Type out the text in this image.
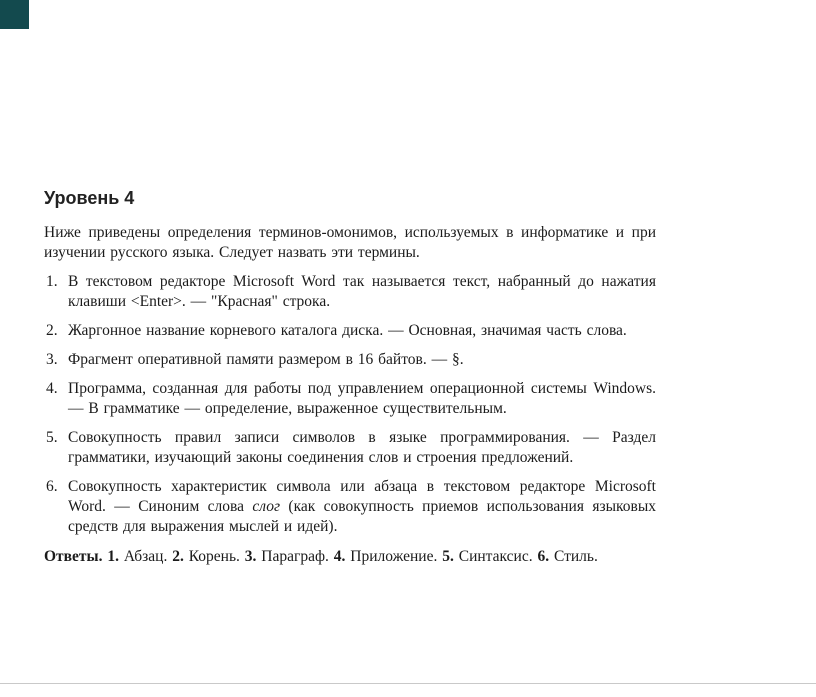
Уровень 4

Ниже приведены определения терминов-омонимов, используемых в информатике и при изучении русского языка. Следует назвать эти термины.

1. В текстовом редакторе Microsoft Word так называется текст, набранный до нажатия клавиши <Enter>. — "Красная" строка.
2. Жаргонное название корневого каталога диска. — Основная, значимая часть слова.
3. Фрагмент оперативной памяти размером в 16 байтов. — §.
4. Программа, созданная для работы под управлением операционной системы Windows. — В грамматике — определение, выраженное существительным.
5. Совокупность правил записи символов в языке программирования. — Раздел грамматики, изучающий законы соединения слов и строения предложений.
6. Совокупность характеристик символа или абзаца в текстовом редакторе Microsoft Word. — Синоним слова слог (как совокупность приемов использования языковых средств для выражения мыслей и идей).

Ответы. 1. Абзац. 2. Корень. 3. Параграф. 4. Приложение. 5. Синтаксис. 6. Стиль.
